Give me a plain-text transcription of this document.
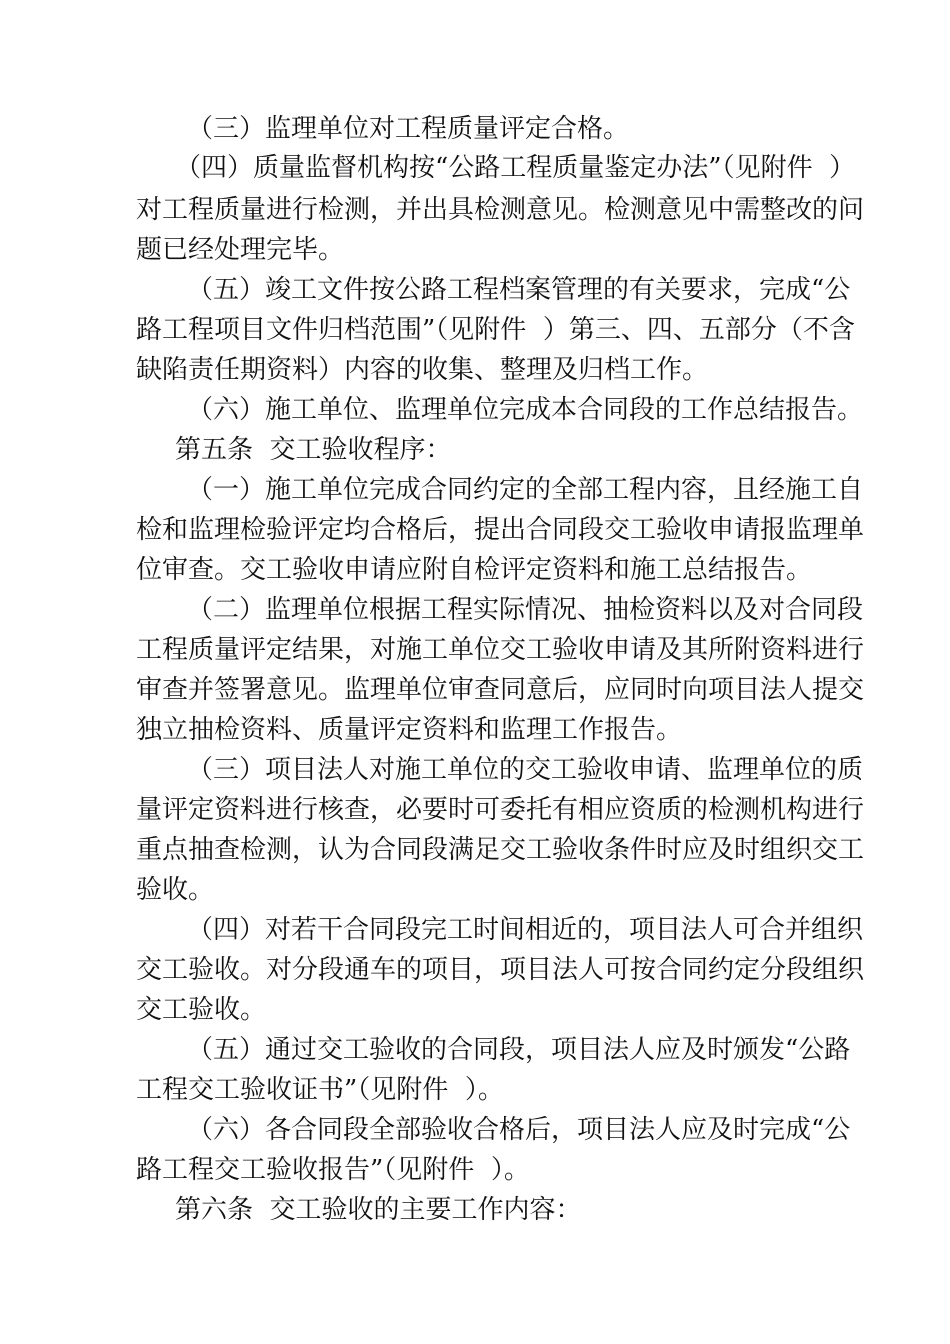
（三）监理单位对工程质量评定合格。
（四）质量监督机构按“公路工程质量鉴定办法”（见附件  ）
对工程质量进行检测，并出具检测意见。检测意见中需整改的问
题已经处理完毕。
（五）竣工文件按公路工程档案管理的有关要求，完成“公
路工程项目文件归档范围”（见附件  ）第三、四、五部分（不含
缺陷责任期资料）内容的收集、整理及归档工作。
（六）施工单位、监理单位完成本合同段的工作总结报告。
第五条  交工验收程序：
（一）施工单位完成合同约定的全部工程内容，且经施工自
检和监理检验评定均合格后，提出合同段交工验收申请报监理单
位审查。交工验收申请应附自检评定资料和施工总结报告。
（二）监理单位根据工程实际情况、抽检资料以及对合同段
工程质量评定结果，对施工单位交工验收申请及其所附资料进行
审查并签署意见。监理单位审查同意后，应同时向项目法人提交
独立抽检资料、质量评定资料和监理工作报告。
（三）项目法人对施工单位的交工验收申请、监理单位的质
量评定资料进行核查，必要时可委托有相应资质的检测机构进行
重点抽查检测，认为合同段满足交工验收条件时应及时组织交工
验收。
（四）对若干合同段完工时间相近的，项目法人可合并组织
交工验收。对分段通车的项目，项目法人可按合同约定分段组织
交工验收。
（五）通过交工验收的合同段，项目法人应及时颁发“公路
工程交工验收证书”（见附件  ）。
（六）各合同段全部验收合格后，项目法人应及时完成“公
路工程交工验收报告”（见附件  ）。
第六条  交工验收的主要工作内容：
